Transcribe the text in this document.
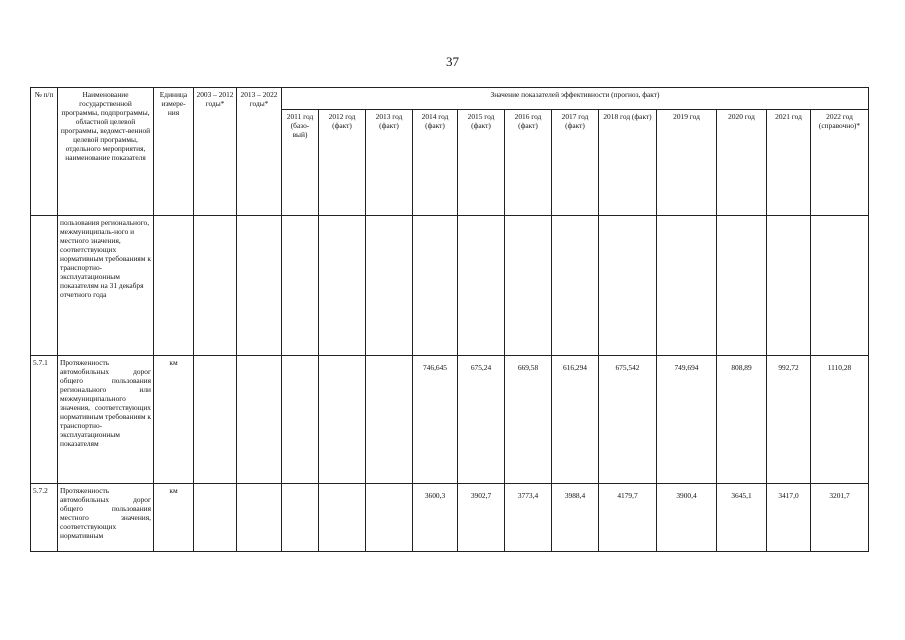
37
№ п/п	Наименование государственной программы, подпрограммы, областной целевой программы, ведомст-венной целевой программы, отдельного мероприятия, наименование показателя	Единица измере-ния	2003 – 2012 годы*	2013 – 2022 годы*	Значение показателей эффективности (прогноз, факт)											
					2011 год (базо-вый)	2012 год (факт)	2013 год (факт)	2014 год (факт)	2015 год (факт)	2016 год (факт)	2017 год (факт)	2018 год (факт)	2019 год	2020 год	2021 год	2022 год (справочно)*
	пользования регионального, межмуниципаль-ного и местного значения, соответствующих нормативным требованиям к транспортно-эксплуатационным показателям на 31 декабря отчетного года															
5.7.1	Протяженность автомобильных дорог общего пользования регионального или межмуниципального значения, соответствующих нормативным требованиям к транспортно-эксплуатационным показателям	км						746,645	675,24	669,58	616,294	675,542	749,694	808,89	992,72	1110,28
5.7.2	Протяженность автомобильных дорог общего пользования местного значения, соответствующих нормативным	км						3600,3	3902,7	3773,4	3988,4	4179,7	3900,4	3645,1	3417,0	3201,7
